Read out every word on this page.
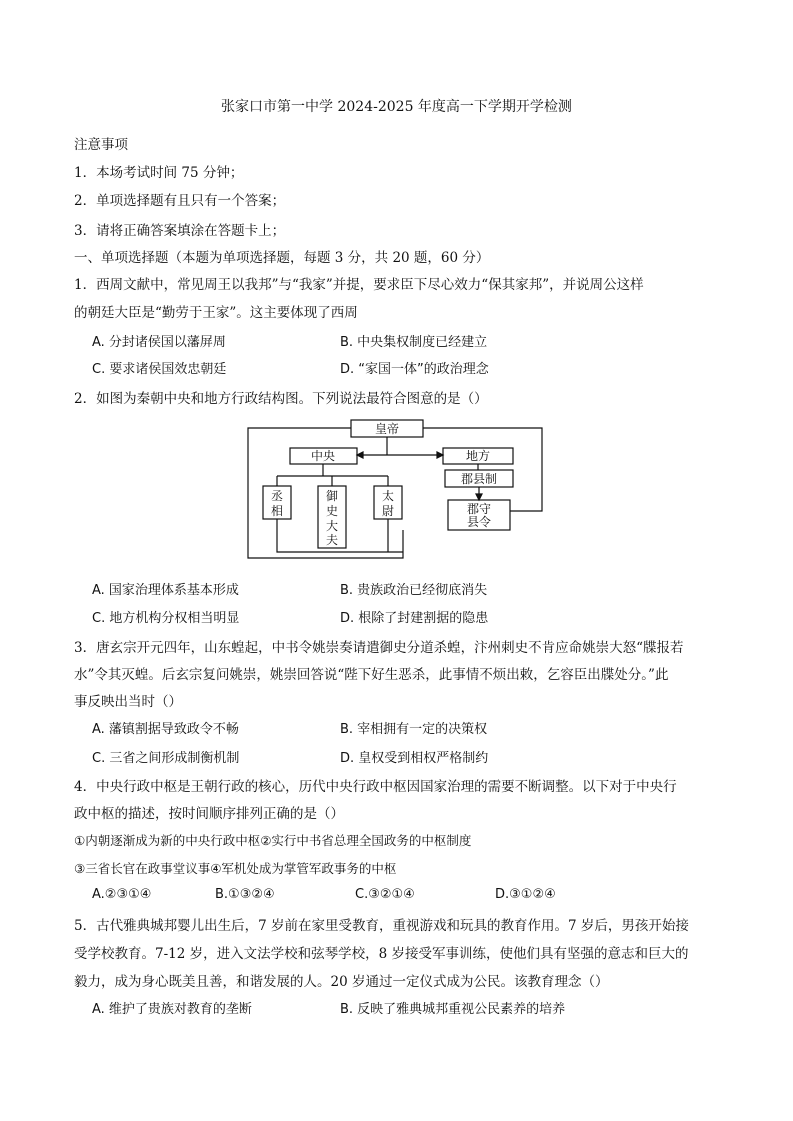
张家口市第一中学 2024-2025 年度高一下学期开学检测
注意事项
1．本场考试时间 75 分钟；
2．单项选择题有且只有一个答案；
3．请将正确答案填涂在答题卡上；
一、单项选择题（本题为单项选择题，每题 3 分，共 20 题，60 分）
1．西周文献中，常见周王以我邦”与“我家”并提，要求臣下尽心效力“保其家邦”，并说周公这样
的朝廷大臣是“勤劳于王家”。这主要体现了西周
A. 分封诸侯国以藩屏周	B. 中央集权制度已经建立
C. 要求诸侯国效忠朝廷	D. “家国一体”的政治理念
2．如图为秦朝中央和地方行政结构图。下列说法最符合图意的是（）
皇帝
中央	地方
丞
相
御
史
大
夫
太
尉
郡县制
郡守
县令
A. 国家治理体系基本形成	B. 贵族政治已经彻底消失
C. 地方机构分权相当明显	D. 根除了封建割据的隐患
3．唐玄宗开元四年，山东蝗起，中书令姚崇奏请遣御史分道杀蝗，汴州刺史不肯应命姚崇大怒“牒报若
水”令其灭蝗。后玄宗复问姚崇，姚崇回答说“陛下好生恶杀，此事情不烦出敕，乞容臣出牒处分。”此
事反映出当时（）
A. 藩镇割据导致政令不畅	B. 宰相拥有一定的决策权
C. 三省之间形成制衡机制	D. 皇权受到相权严格制约
4．中央行政中枢是王朝行政的核心，历代中央行政中枢因国家治理的需要不断调整。以下对于中央行
政中枢的描述，按时间顺序排列正确的是（）
①内朝逐渐成为新的中央行政中枢②实行中书省总理全国政务的中枢制度
③三省长官在政事堂议事④军机处成为掌管军政事务的中枢
A.②③①④	B.①③②④	C.③②①④	D.③①②④
5．古代雅典城邦婴儿出生后，7 岁前在家里受教育，重视游戏和玩具的教育作用。7 岁后，男孩开始接
受学校教育。7-12 岁，进入文法学校和弦琴学校，8 岁接受军事训练，使他们具有坚强的意志和巨大的
毅力，成为身心既美且善，和谐发展的人。20 岁通过一定仪式成为公民。该教育理念（）
A. 维护了贵族对教育的垄断	B. 反映了雅典城邦重视公民素养的培养
